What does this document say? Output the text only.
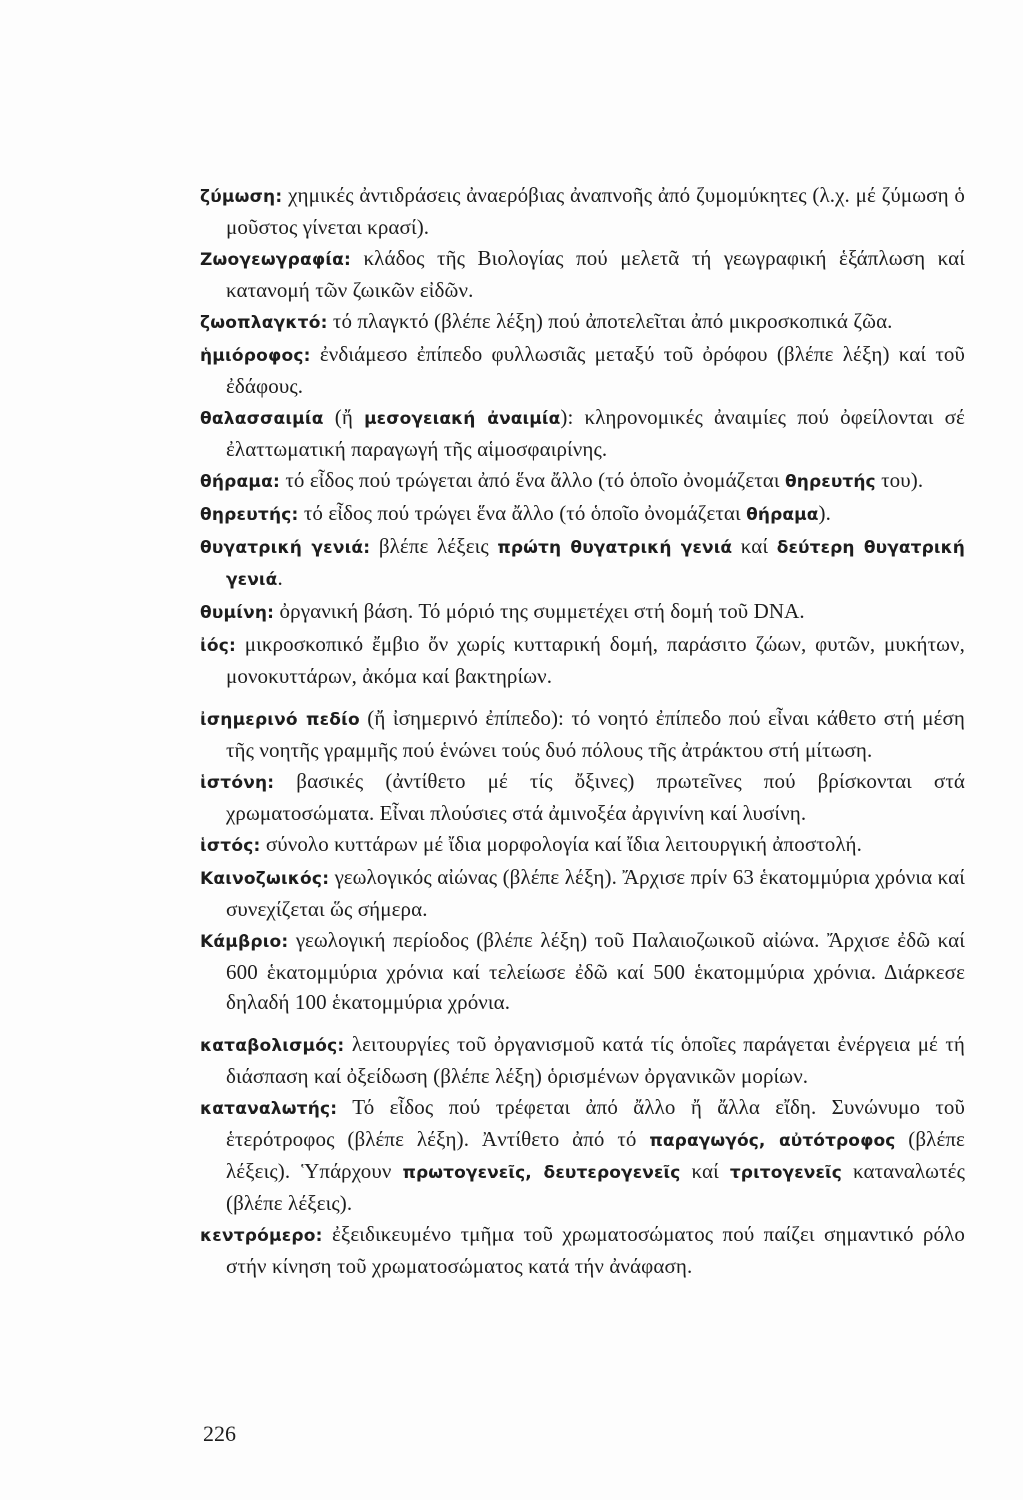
ζύμωση: χημικές ἀντιδράσεις ἀναερόβιας ἀναπνοῆς ἀπό ζυμομύκητες (λ.χ. μέ ζύμωση ὁ μοῦστος γίνεται κρασί).

Ζωογεωγραφία: κλάδος τῆς Βιολογίας πού μελετᾶ τή γεωγραφική ἑξάπλωση καί κατανομή τῶν ζωικῶν εἰδῶν.

ζωοπλαγκτό: τό πλαγκτό (βλέπε λέξη) πού ἀποτελεῖται ἀπό μικροσκοπικά ζῶα.

ἡμιόροφος: ἐνδιάμεσο ἐπίπεδο φυλλωσιᾶς μεταξύ τοῦ ὀρόφου (βλέπε λέξη) καί τοῦ ἐδάφους.

θαλασσαιμία (ἤ μεσογειακή ἀναιμία): κληρονομικές ἀναιμίες πού ὀφείλονται σέ ἐλαττωματική παραγωγή τῆς αἱμοσφαιρίνης.

θήραμα: τό εἶδος πού τρώγεται ἀπό ἕνα ἄλλο (τό ὁποῖο ὀνομάζεται θηρευτής του).

θηρευτής: τό εἶδος πού τρώγει ἕνα ἄλλο (τό ὁποῖο ὀνομάζεται θήραμα).

θυγατρική γενιά: βλέπε λέξεις πρώτη θυγατρική γενιά καί δεύτερη θυγατρική γενιά.

θυμίνη: ὀργανική βάση. Τό μόριό της συμμετέχει στή δομή τοῦ DNA.

ἰός: μικροσκοπικό ἔμβιο ὄν χωρίς κυτταρική δομή, παράσιτο ζώων, φυτῶν, μυκήτων, μονοκυττάρων, ἀκόμα καί βακτηρίων.

ἰσημερινό πεδίο (ἤ ἰσημερινό ἐπίπεδο): τό νοητό ἐπίπεδο πού εἶναι κάθετο στή μέση τῆς νοητῆς γραμμῆς πού ἑνώνει τούς δυό πόλους τῆς ἀτράκτου στή μίτωση.

ἱστόνη: βασικές (ἀντίθετο μέ τίς ὄξινες) πρωτεῖνες πού βρίσκονται στά χρωματοσώματα. Εἶναι πλούσιες στά ἀμινοξέα ἀργινίνη καί λυσίνη.

ἱστός: σύνολο κυττάρων μέ ἴδια μορφολογία καί ἴδια λειτουργική ἀποστολή.

Καινοζωικός: γεωλογικός αἰώνας (βλέπε λέξη). Ἄρχισε πρίν 63 ἑκατομμύρια χρόνια καί συνεχίζεται ὥς σήμερα.

Κάμβριο: γεωλογική περίοδος (βλέπε λέξη) τοῦ Παλαιοζωικοῦ αἰώνα. Ἄρχισε ἐδῶ καί 600 ἑκατομμύρια χρόνια καί τελείωσε ἐδῶ καί 500 ἑκατομμύρια χρόνια. Διάρκεσε δηλαδή 100 ἑκατομμύρια χρόνια.

καταβολισμός: λειτουργίες τοῦ ὀργανισμοῦ κατά τίς ὁποῖες παράγεται ἐνέργεια μέ τή διάσπαση καί ὀξείδωση (βλέπε λέξη) ὁρισμένων ὀργανικῶν μορίων.

καταναλωτής: Τό εἶδος πού τρέφεται ἀπό ἄλλο ἤ ἄλλα εἴδη. Συνώνυμο τοῦ ἑτερότροφος (βλέπε λέξη). Ἀντίθετο ἀπό τό παραγωγός, αὐτότροφος (βλέπε λέξεις). Ὑπάρχουν πρωτογενεῖς, δευτερογενεῖς καί τριτογενεῖς καταναλωτές (βλέπε λέξεις).

κεντρόμερο: ἐξειδικευμένο τμῆμα τοῦ χρωματοσώματος πού παίζει σημαντικό ρόλο στήν κίνηση τοῦ χρωματοσώματος κατά τήν ἀνάφαση.

226
